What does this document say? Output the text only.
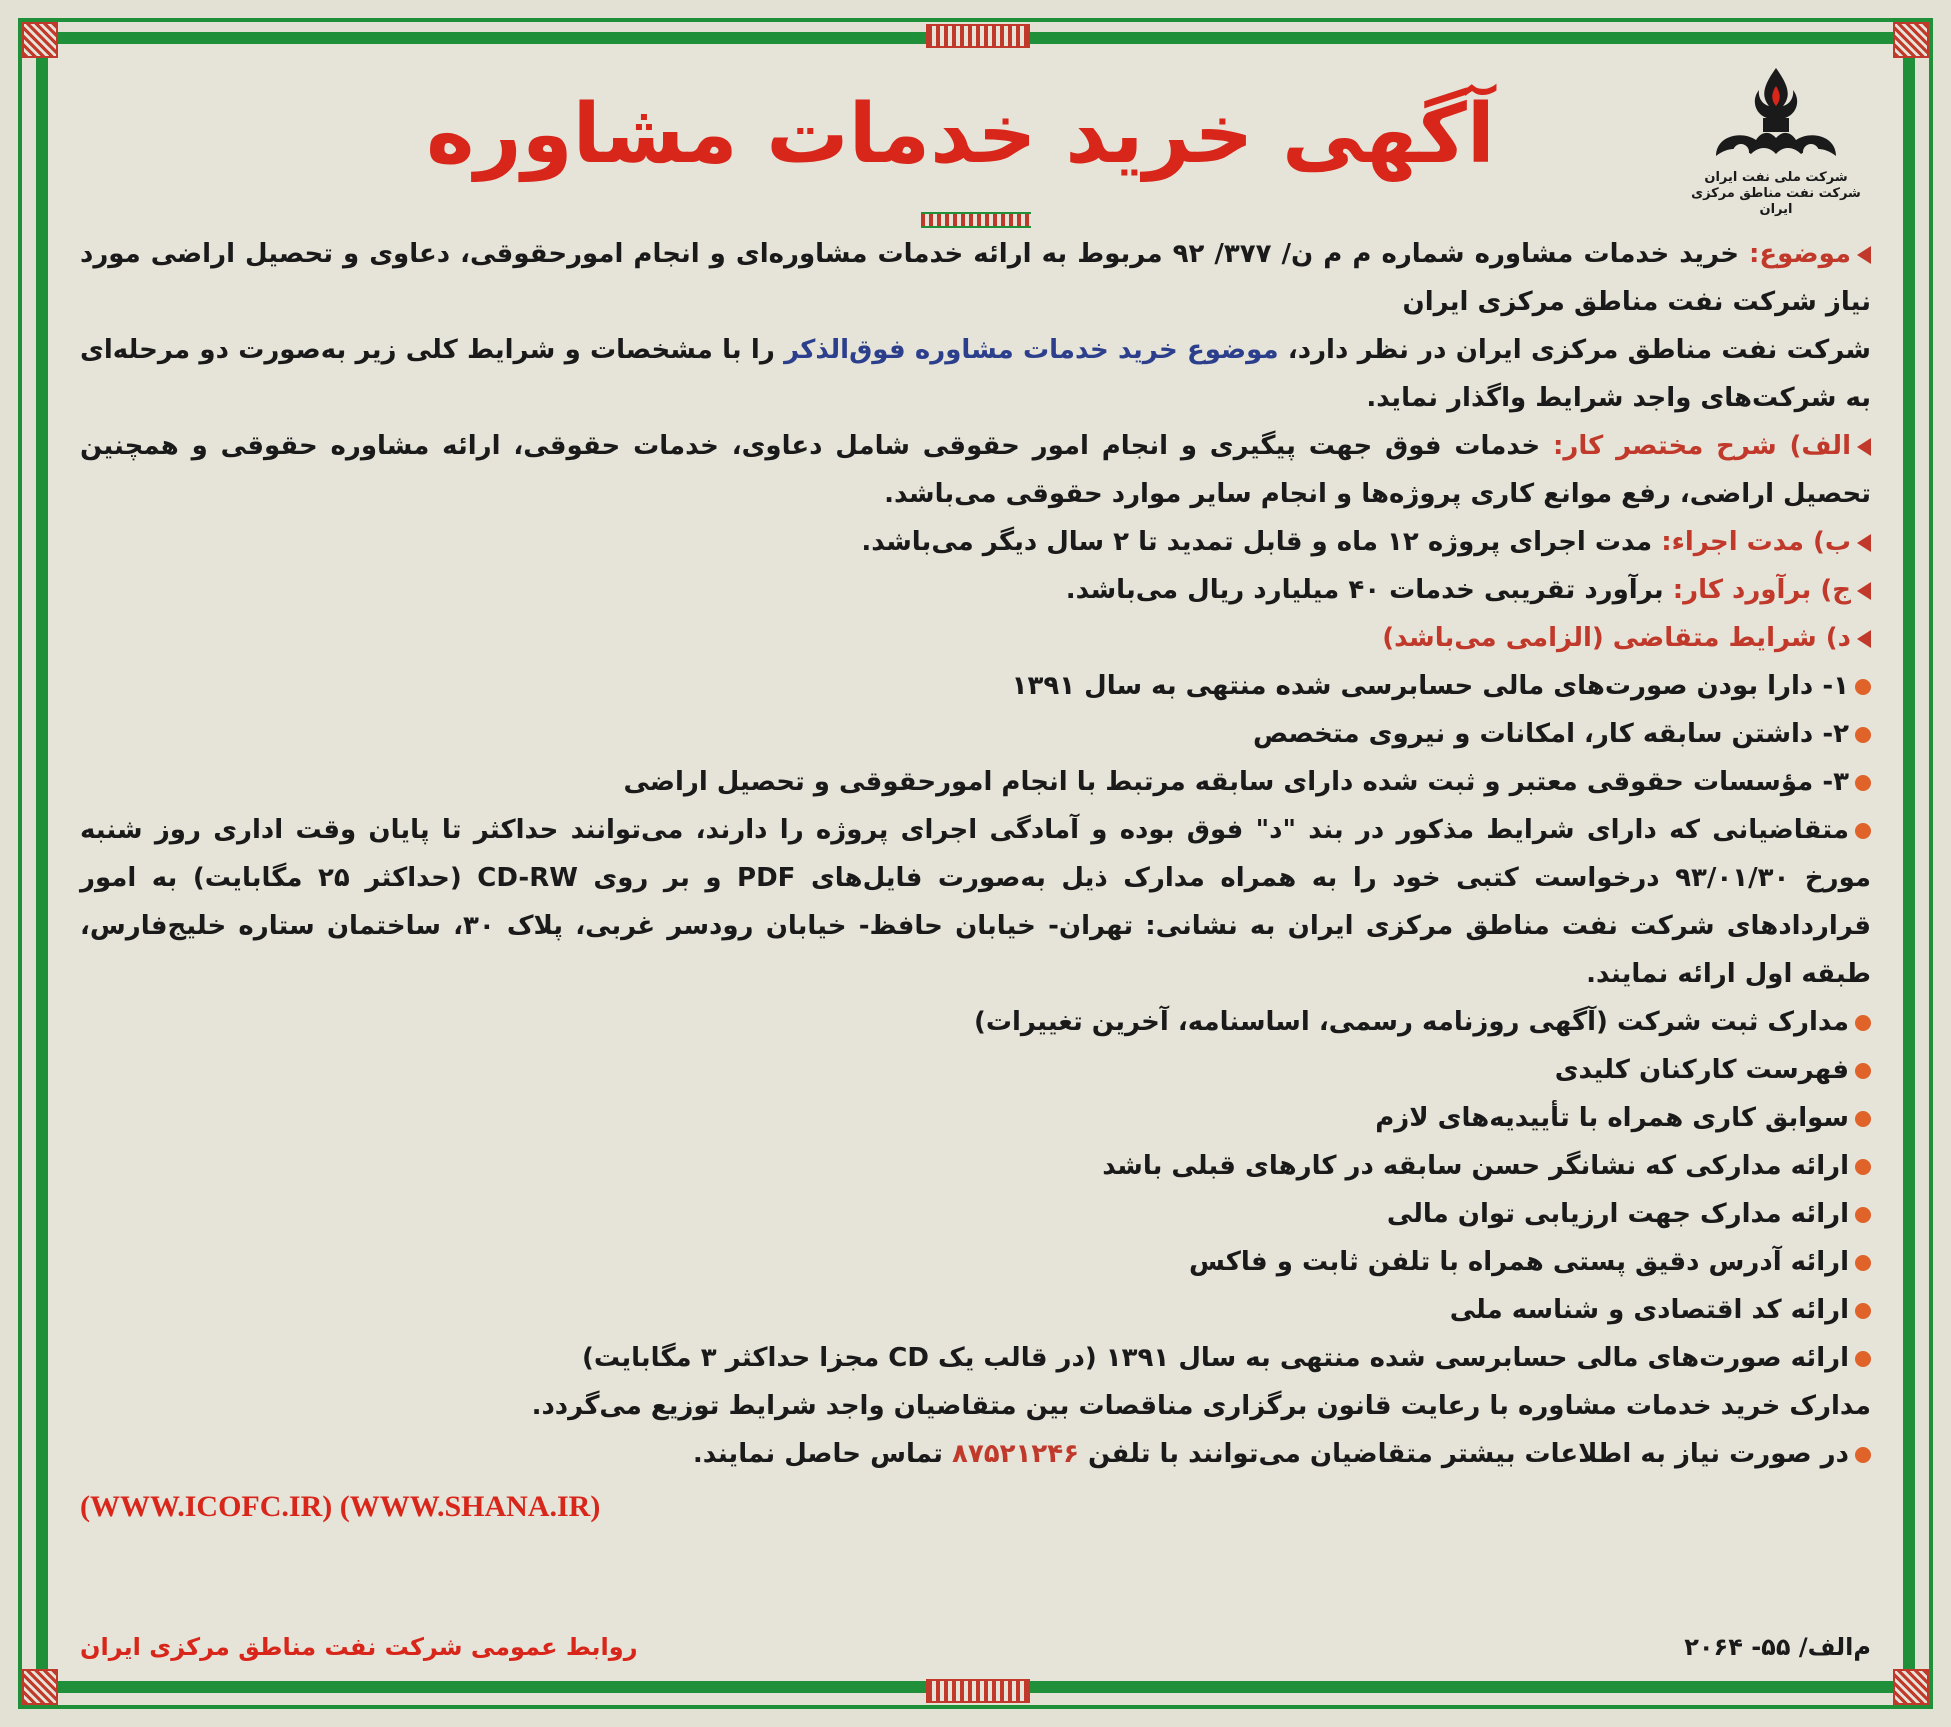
شرکت ملی نفت ایران
شرکت نفت مناطق مرکزی ایران
آگهی خرید خدمات مشاوره

موضوع: خرید خدمات مشاوره شماره م م ن/ ۳۷۷/ ۹۲ مربوط به ارائه خدمات مشاوره‌ای و انجام امورحقوقی، دعاوی و تحصیل اراضی مورد نیاز شرکت نفت مناطق مرکزی ایران

شرکت نفت مناطق مرکزی ایران در نظر دارد، موضوع خرید خدمات مشاوره فوق‌الذکر را با مشخصات و شرایط کلی زیر به‌صورت دو مرحله‌ای به شرکت‌های واجد شرایط واگذار نماید.

الف) شرح مختصر کار: خدمات فوق جهت پیگیری و انجام امور حقوقی شامل دعاوی، خدمات حقوقی، ارائه مشاوره حقوقی و همچنین تحصیل اراضی، رفع موانع کاری پروژه‌ها و انجام سایر موارد حقوقی می‌باشد.

ب) مدت اجراء: مدت اجرای پروژه ۱۲ ماه و قابل تمدید تا ۲ سال دیگر می‌باشد.

ج) برآورد کار: برآورد تقریبی خدمات ۴۰ میلیارد ریال می‌باشد.

د) شرایط متقاضی (الزامی می‌باشد)

۱- دارا بودن صورت‌های مالی حسابرسی شده منتهی به سال ۱۳۹۱

۲- داشتن سابقه کار، امکانات و نیروی متخصص

۳- مؤسسات حقوقی معتبر و ثبت شده دارای سابقه مرتبط با انجام امورحقوقی و تحصیل اراضی

متقاضیانی که دارای شرایط مذکور در بند "د" فوق بوده و آمادگی اجرای پروژه را دارند، می‌توانند حداکثر تا پایان وقت اداری روز شنبه مورخ ۹۳/۰۱/۳۰ درخواست کتبی خود را به همراه مدارک ذیل به‌صورت فایل‌های PDF و بر روی CD-RW (حداکثر ۲۵ مگابایت) به امور قراردادهای شرکت نفت مناطق مرکزی ایران به نشانی: تهران- خیابان حافظ- خیابان رودسر غربی، پلاک ۳۰، ساختمان ستاره خلیج‌فارس، طبقه اول ارائه نمایند.

مدارک ثبت شرکت (آگهی روزنامه رسمی، اساسنامه، آخرین تغییرات)

فهرست کارکنان کلیدی

سوابق کاری همراه با تأییدیه‌های لازم

ارائه مدارکی که نشانگر حسن سابقه در کارهای قبلی باشد

ارائه مدارک جهت ارزیابی توان مالی

ارائه آدرس دقیق پستی همراه با تلفن ثابت و فاکس

ارائه کد اقتصادی و شناسه ملی

ارائه صورت‌های مالی حسابرسی شده منتهی به سال ۱۳۹۱ (در قالب یک CD مجزا حداکثر ۳ مگابایت)

مدارک خرید خدمات مشاوره با رعایت قانون برگزاری مناقصات بین متقاضیان واجد شرایط توزیع می‌گردد.

در صورت نیاز به اطلاعات بیشتر متقاضیان می‌توانند با تلفن ۸۷۵۲۱۲۴۶ تماس حاصل نمایند.

(WWW.ICOFC.IR) (WWW.SHANA.IR)
م‌الف/ ۵۵- ۲۰۶۴
روابط عمومی شرکت نفت مناطق مرکزی ایران
